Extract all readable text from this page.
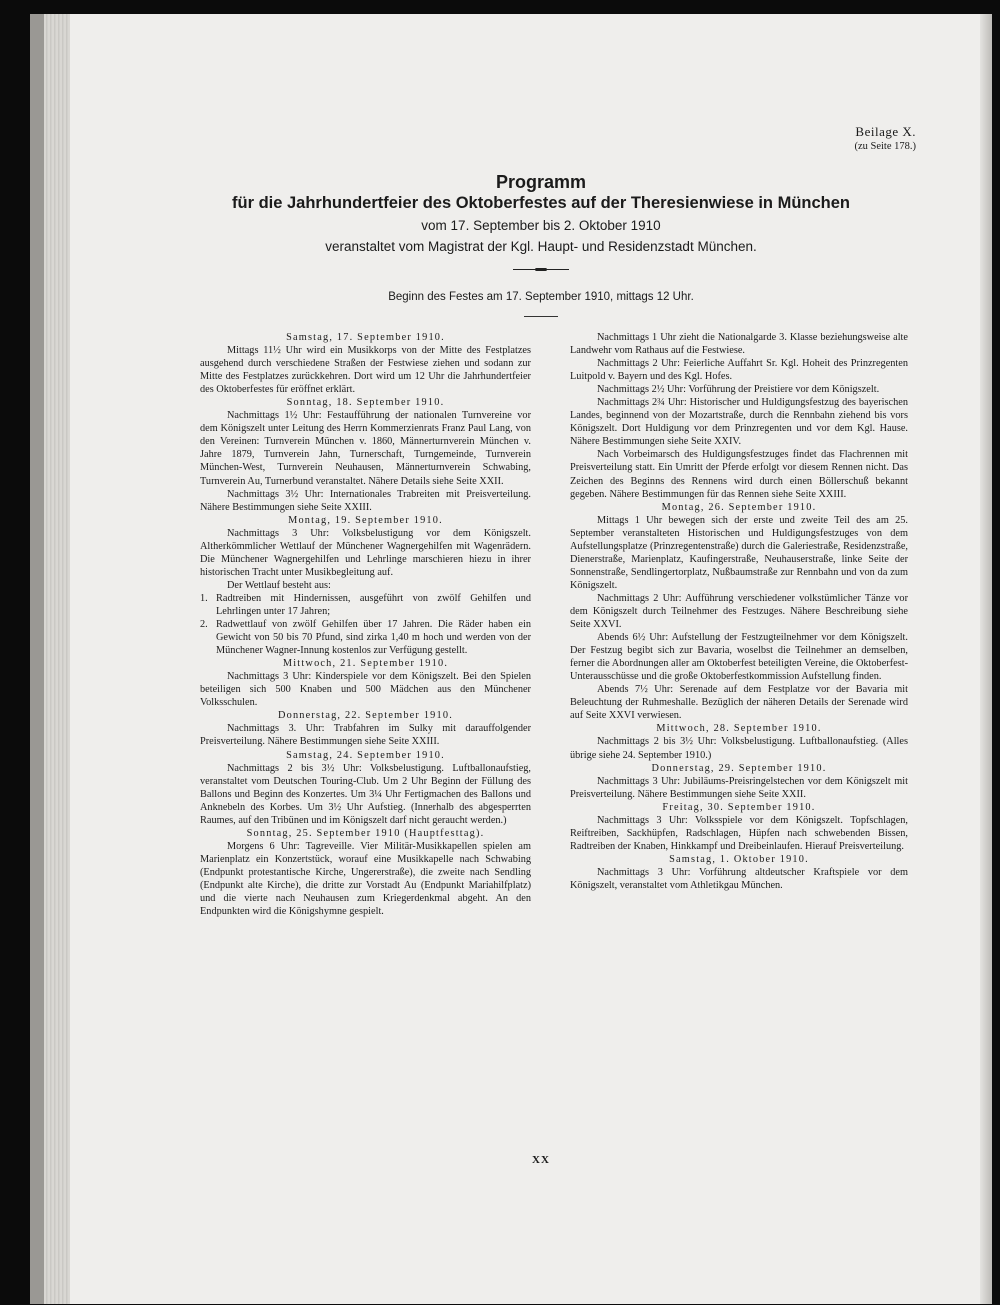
Beilage X.
(zu Seite 178.)
Programm
für die Jahrhundertfeier des Oktoberfestes auf der Theresienwiese in München
vom 17. September bis 2. Oktober 1910
veranstaltet vom Magistrat der Kgl. Haupt- und Residenzstadt München.
Beginn des Festes am 17. September 1910, mittags 12 Uhr.
Samstag, 17. September 1910.

Mittags 11½ Uhr wird ein Musikkorps von der Mitte des Festplatzes ausgehend durch verschiedene Straßen der Festwiese ziehen und sodann zur Mitte des Festplatzes zurückkehren. Dort wird um 12 Uhr die Jahrhundertfeier des Oktoberfestes für eröffnet erklärt.

Sonntag, 18. September 1910.

Nachmittags 1½ Uhr: Festaufführung der nationalen Turnvereine vor dem Königszelt unter Leitung des Herrn Kommerzienrats Franz Paul Lang, von den Vereinen: Turnverein München v. 1860, Männerturnverein München v. Jahre 1879, Turnverein Jahn, Turnerschaft, Turngemeinde, Turnverein München-West, Turnverein Neuhausen, Männerturnverein Schwabing, Turnverein Au, Turnerbund veranstaltet. Nähere Details siehe Seite XXII.

Nachmittags 3½ Uhr: Internationales Trabreiten mit Preisverteilung. Nähere Bestimmungen siehe Seite XXIII.

Montag, 19. September 1910.

Nachmittags 3 Uhr: Volksbelustigung vor dem Königszelt. Altherkömmlicher Wettlauf der Münchener Wagnergehilfen mit Wagenrädern. Die Münchener Wagnergehilfen und Lehrlinge marschieren hiezu in ihrer historischen Tracht unter Musikbegleitung auf.

Der Wettlauf besteht aus:

1. Radtreiben mit Hindernissen, ausgeführt von zwölf Gehilfen und Lehrlingen unter 17 Jahren;
2. Radwettlauf von zwölf Gehilfen über 17 Jahren. Die Räder haben ein Gewicht von 50 bis 70 Pfund, sind zirka 1,40 m hoch und werden von der Münchener Wagner-Innung kostenlos zur Verfügung gestellt.
Mittwoch, 21. September 1910.

Nachmittags 3 Uhr: Kinderspiele vor dem Königszelt. Bei den Spielen beteiligen sich 500 Knaben und 500 Mädchen aus den Münchener Volksschulen.

Donnerstag, 22. September 1910.

Nachmittags 3. Uhr: Trabfahren im Sulky mit darauffolgender Preisverteilung. Nähere Bestimmungen siehe Seite XXIII.

Samstag, 24. September 1910.

Nachmittags 2 bis 3½ Uhr: Volksbelustigung. Luftballonaufstieg, veranstaltet vom Deutschen Touring-Club. Um 2 Uhr Beginn der Füllung des Ballons und Beginn des Konzertes. Um 3¼ Uhr Fertigmachen des Ballons und Anknebeln des Korbes. Um 3½ Uhr Aufstieg. (Innerhalb des abgesperrten Raumes, auf den Tribünen und im Königszelt darf nicht geraucht werden.)

Sonntag, 25. September 1910 (Hauptfesttag).

Morgens 6 Uhr: Tagreveille. Vier Militär-Musikkapellen spielen am Marienplatz ein Konzertstück, worauf eine Musikkapelle nach Schwabing (Endpunkt protestantische Kirche, Ungererstraße), die zweite nach Sendling (Endpunkt alte Kirche), die dritte zur Vorstadt Au (Endpunkt Mariahilfplatz) und die vierte nach Neuhausen zum Kriegerdenkmal abgeht. An den Endpunkten wird die Königshymne gespielt.

Nachmittags 1 Uhr zieht die Nationalgarde 3. Klasse beziehungsweise alte Landwehr vom Rathaus auf die Festwiese.

Nachmittags 2 Uhr: Feierliche Auffahrt Sr. Kgl. Hoheit des Prinzregenten Luitpold v. Bayern und des Kgl. Hofes.

Nachmittags 2½ Uhr: Vorführung der Preistiere vor dem Königszelt.

Nachmittags 2¾ Uhr: Historischer und Huldigungsfestzug des bayerischen Landes, beginnend von der Mozartstraße, durch die Rennbahn ziehend bis vors Königszelt. Dort Huldigung vor dem Prinzregenten und vor dem Kgl. Hause. Nähere Bestimmungen siehe Seite XXIV.

Nach Vorbeimarsch des Huldigungsfestzuges findet das Flachrennen mit Preisverteilung statt. Ein Umritt der Pferde erfolgt vor diesem Rennen nicht. Das Zeichen des Beginns des Rennens wird durch einen Böllerschuß bekannt gegeben. Nähere Bestimmungen für das Rennen siehe Seite XXIII.

Montag, 26. September 1910.

Mittags 1 Uhr bewegen sich der erste und zweite Teil des am 25. September veranstalteten Historischen und Huldigungsfestzuges von dem Aufstellungsplatze (Prinzregentenstraße) durch die Galeriestraße, Residenzstraße, Dienerstraße, Marienplatz, Kaufingerstraße, Neuhauserstraße, linke Seite der Sonnenstraße, Sendlingertorplatz, Nußbaumstraße zur Rennbahn und von da zum Königszelt.

Nachmittags 2 Uhr: Aufführung verschiedener volkstümlicher Tänze vor dem Königszelt durch Teilnehmer des Festzuges. Nähere Beschreibung siehe Seite XXVI.

Abends 6½ Uhr: Aufstellung der Festzugteilnehmer vor dem Königszelt. Der Festzug begibt sich zur Bavaria, woselbst die Teilnehmer an demselben, ferner die Abordnungen aller am Oktoberfest beteiligten Vereine, die Oktoberfest-Unterausschüsse und die große Oktoberfestkommission Aufstellung finden.

Abends 7½ Uhr: Serenade auf dem Festplatze vor der Bavaria mit Beleuchtung der Ruhmeshalle. Bezüglich der näheren Details der Serenade wird auf Seite XXVI verwiesen.

Mittwoch, 28. September 1910.

Nachmittags 2 bis 3½ Uhr: Volksbelustigung. Luftballonaufstieg. (Alles übrige siehe 24. September 1910.)

Donnerstag, 29. September 1910.

Nachmittags 3 Uhr: Jubiläums-Preisringelstechen vor dem Königszelt mit Preisverteilung. Nähere Bestimmungen siehe Seite XXII.

Freitag, 30. September 1910.

Nachmittags 3 Uhr: Volksspiele vor dem Königszelt. Topfschlagen, Reiftreiben, Sackhüpfen, Radschlagen, Hüpfen nach schwebenden Bissen, Radtreiben der Knaben, Hinkkampf und Dreibeinlaufen. Hierauf Preisverteilung.

Samstag, 1. Oktober 1910.

Nachmittags 3 Uhr: Vorführung altdeutscher Kraftspiele vor dem Königszelt, veranstaltet vom Athletikgau München.

XX
